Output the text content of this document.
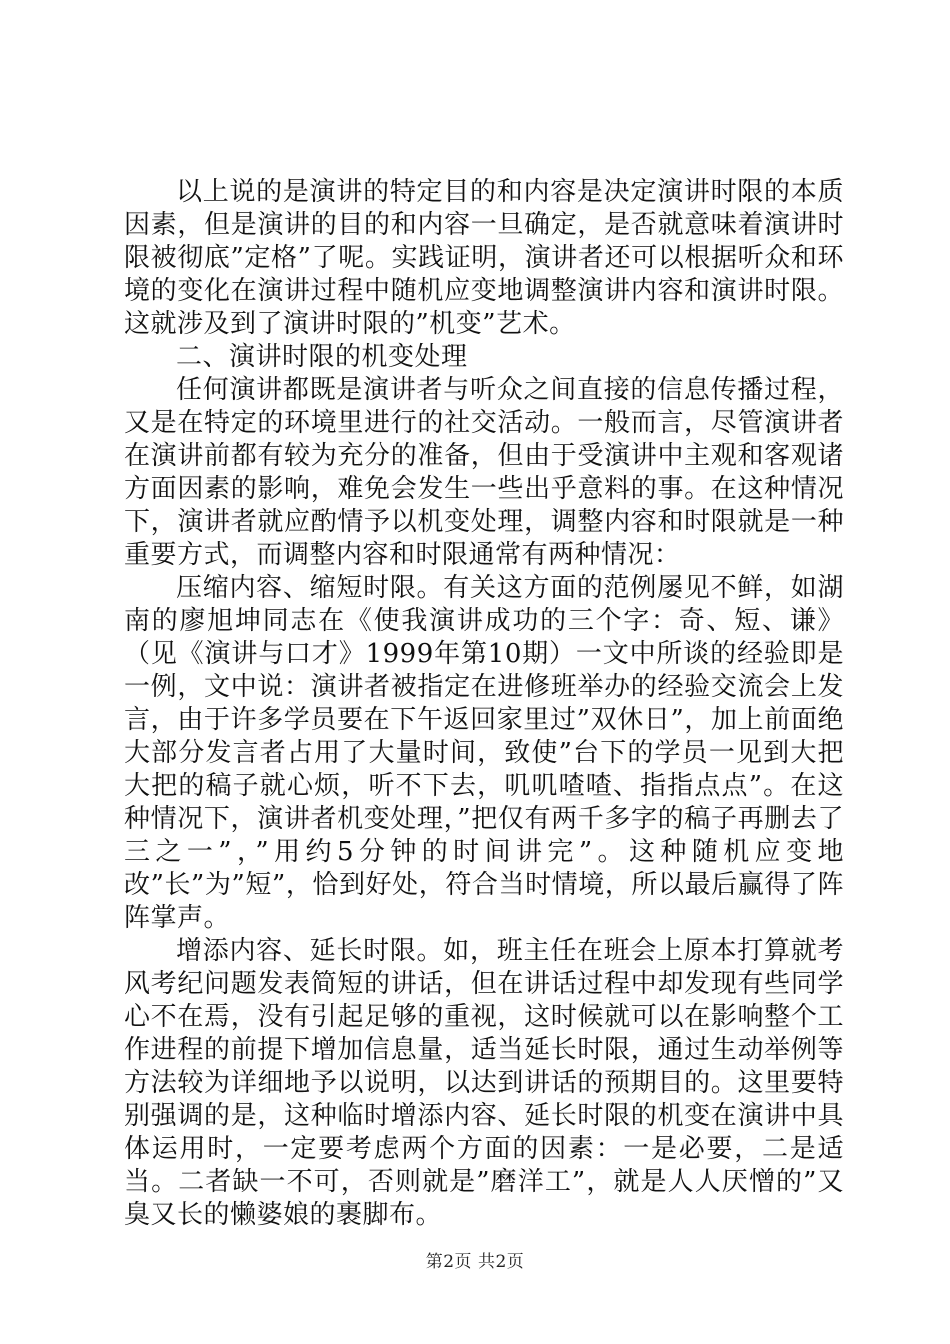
以上说的是演讲的特定目的和内容是决定演讲时限的本质因素，但是演讲的目的和内容一旦确定，是否就意味着演讲时限被彻底”定格”了呢。实践证明，演讲者还可以根据听众和环境的变化在演讲过程中随机应变地调整演讲内容和演讲时限。这就涉及到了演讲时限的”机变”艺术。

二、演讲时限的机变处理

任何演讲都既是演讲者与听众之间直接的信息传播过程，又是在特定的环境里进行的社交活动。一般而言，尽管演讲者在演讲前都有较为充分的准备，但由于受演讲中主观和客观诸方面因素的影响，难免会发生一些出乎意料的事。在这种情况下，演讲者就应酌情予以机变处理，调整内容和时限就是一种重要方式，而调整内容和时限通常有两种情况：

压缩内容、缩短时限。有关这方面的范例屡见不鲜，如湖南的廖旭坤同志在《使我演讲成功的三个字：奇、短、谦》（见《演讲与口才》1999年第10期）一文中所谈的经验即是一例，文中说：演讲者被指定在进修班举办的经验交流会上发言，由于许多学员要在下午返回家里过”双休日”，加上前面绝大部分发言者占用了大量时间，致使”台下的学员一见到大把大把的稿子就心烦，听不下去，叽叽喳喳、指指点点”。在这种情况下，演讲者机变处理，”把仅有两千多字的稿子再删去了三之一”，”用约5分钟的时间讲完”。这种随机应变地改”长”为”短”，恰到好处，符合当时情境，所以最后赢得了阵阵掌声。

增添内容、延长时限。如，班主任在班会上原本打算就考风考纪问题发表简短的讲话，但在讲话过程中却发现有些同学心不在焉，没有引起足够的重视，这时候就可以在影响整个工作进程的前提下增加信息量，适当延长时限，通过生动举例等方法较为详细地予以说明，以达到讲话的预期目的。这里要特别强调的是，这种临时增添内容、延长时限的机变在演讲中具体运用时，一定要考虑两个方面的因素：一是必要，二是适当。二者缺一不可，否则就是”磨洋工”，就是人人厌憎的”又臭又长的懒婆娘的裹脚布。

第2页 共2页
